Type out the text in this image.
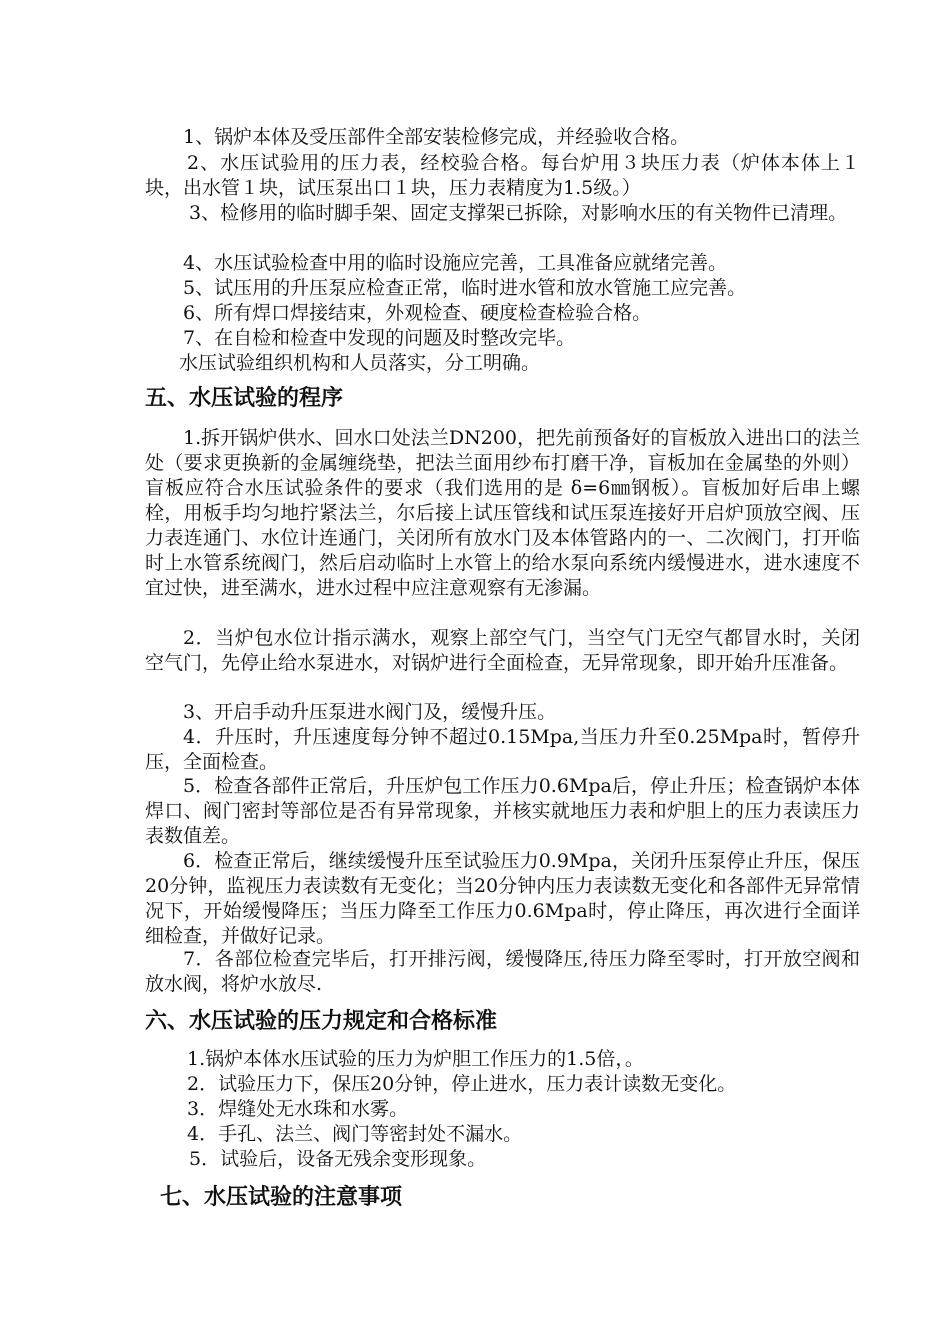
1、锅炉本体及受压部件全部安装检修完成，并经验收合格。
2、水压试验用的压力表，经校验合格。每台炉用３块压力表（炉体本体上１块，出水管１块，试压泵出口１块，压力表精度为1.5级。）
3、检修用的临时脚手架、固定支撑架已拆除，对影响水压的有关物件已清理。
4、水压试验检查中用的临时设施应完善，工具准备应就绪完善。
5、试压用的升压泵应检查正常，临时进水管和放水管施工应完善。
6、所有焊口焊接结束，外观检查、硬度检查检验合格。
7、在自检和检查中发现的问题及时整改完毕。
水压试验组织机构和人员落实，分工明确。
五、水压试验的程序
1.拆开锅炉供水、回水口处法兰DN200，把先前预备好的盲板放入进出口的法兰处（要求更换新的金属缠绕垫，把法兰面用纱布打磨干净，盲板加在金属垫的外则）盲板应符合水压试验条件的要求（我们选用的是 δ=6㎜钢板）。盲板加好后串上螺栓，用板手均匀地拧紧法兰，尔后接上试压管线和试压泵连接好开启炉顶放空阀、压力表连通门、水位计连通门，关闭所有放水门及本体管路内的一、二次阀门，打开临时上水管系统阀门，然后启动临时上水管上的给水泵向系统内缓慢进水，进水速度不宜过快，进至满水，进水过程中应注意观察有无渗漏。
2．当炉包水位计指示满水，观察上部空气门，当空气门无空气都冒水时，关闭空气门，先停止给水泵进水，对锅炉进行全面检查，无异常现象，即开始升压准备。
3、开启手动升压泵进水阀门及，缓慢升压。
4．升压时，升压速度每分钟不超过0.15Mpa,当压力升至0.25Mpa时，暂停升压，全面检查。
5．检查各部件正常后，升压炉包工作压力0.6Mpa后，停止升压；检查锅炉本体焊口、阀门密封等部位是否有异常现象，并核实就地压力表和炉胆上的压力表读压力表数值差。
6．检查正常后，继续缓慢升压至试验压力0.9Mpa，关闭升压泵停止升压，保压20分钟，监视压力表读数有无变化；当20分钟内压力表读数无变化和各部件无异常情况下，开始缓慢降压；当压力降至工作压力0.6Mpa时，停止降压，再次进行全面详细检查，并做好记录。
7．各部位检查完毕后，打开排污阀，缓慢降压,待压力降至零时，打开放空阀和放水阀，将炉水放尽.
六、水压试验的压力规定和合格标准
1.锅炉本体水压试验的压力为炉胆工作压力的1.5倍，。
2．试验压力下，保压20分钟，停止进水，压力表计读数无变化。
3．焊缝处无水珠和水雾。
4．手孔、法兰、阀门等密封处不漏水。
5．试验后，设备无残余变形现象。
七、水压试验的注意事项
